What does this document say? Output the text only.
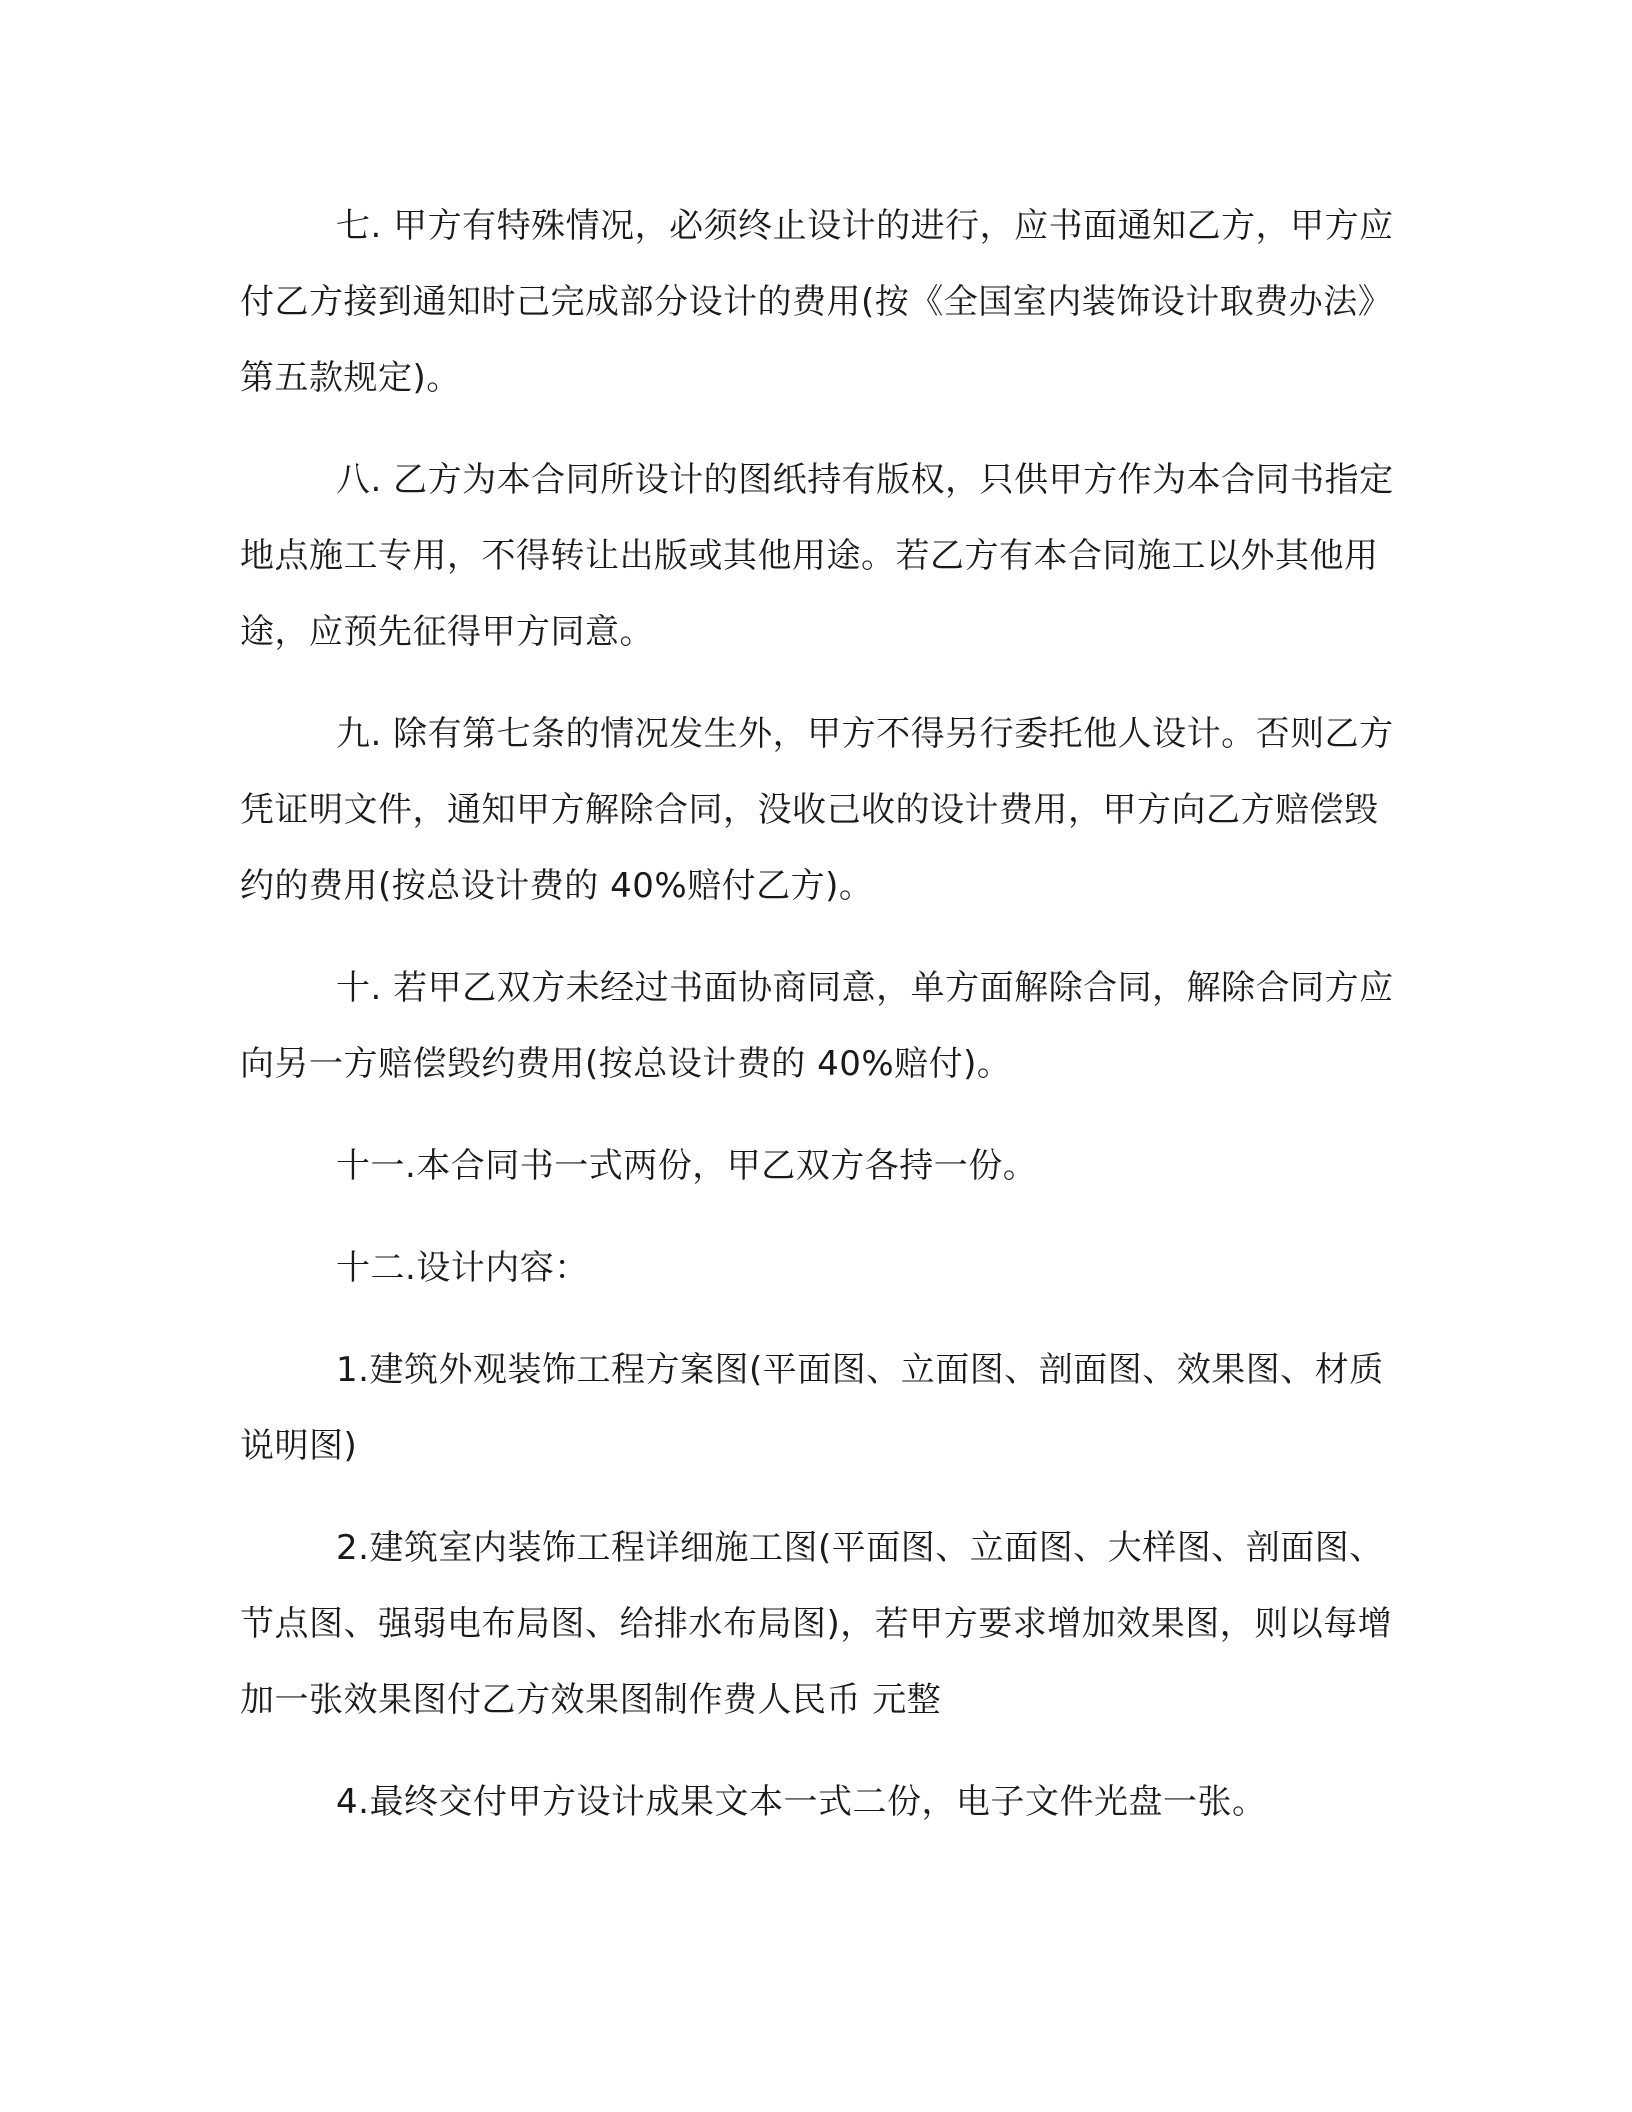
七. 甲方有特殊情况，必须终止设计的进行，应书面通知乙方，甲方应付乙方接到通知时己完成部分设计的费用(按《全国室内装饰设计取费办法》第五款规定)。

八. 乙方为本合同所设计的图纸持有版权，只供甲方作为本合同书指定地点施工专用，不得转让出版或其他用途。若乙方有本合同施工以外其他用途，应预先征得甲方同意。

九. 除有第七条的情况发生外，甲方不得另行委托他人设计。否则乙方凭证明文件，通知甲方解除合同，没收己收的设计费用，甲方向乙方赔偿毁约的费用(按总设计费的 40%赔付乙方)。

十. 若甲乙双方未经过书面协商同意，单方面解除合同，解除合同方应向另一方赔偿毁约费用(按总设计费的 40%赔付)。

十一.本合同书一式两份，甲乙双方各持一份。

十二.设计内容：

1.建筑外观装饰工程方案图(平面图、立面图、剖面图、效果图、材质说明图)

2.建筑室内装饰工程详细施工图(平面图、立面图、大样图、剖面图、节点图、强弱电布局图、给排水布局图)，若甲方要求增加效果图，则以每增加一张效果图付乙方效果图制作费人民币 元整

4.最终交付甲方设计成果文本一式二份，电子文件光盘一张。
